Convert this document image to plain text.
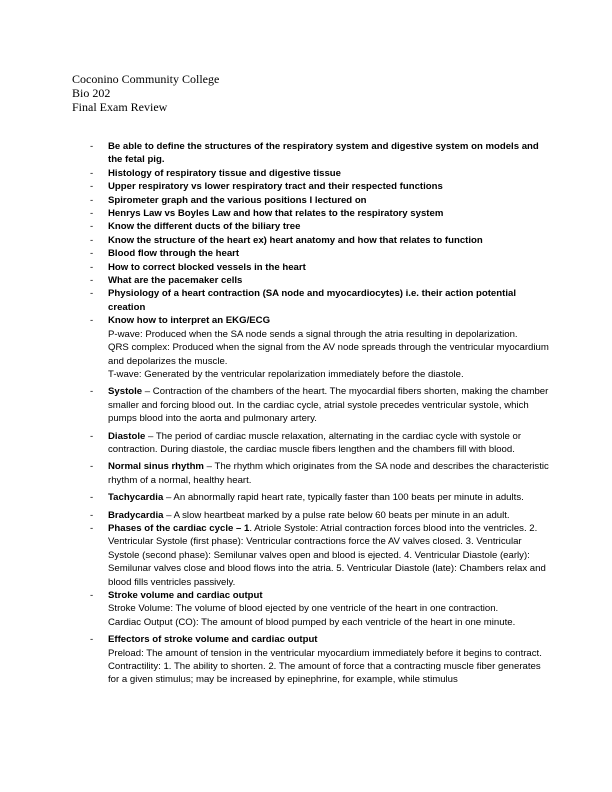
Coconino Community College
Bio 202
Final Exam Review
- Be able to define the structures of the respiratory system and digestive system on models and the fetal pig.
- Histology of respiratory tissue and digestive tissue
- Upper respiratory vs lower respiratory tract and their respected functions
- Spirometer graph and the various positions I lectured on
- Henrys Law vs Boyles Law and how that relates to the respiratory system
- Know the different ducts of the biliary tree
- Know the structure of the heart ex) heart anatomy and how that relates to function
- Blood flow through the heart
- How to correct blocked vessels in the heart
- What are the pacemaker cells
- Physiology of a heart contraction (SA node and myocardiocytes) i.e. their action potential creation
- Know how to interpret an EKG/ECG
P-wave: Produced when the SA node sends a signal through the atria resulting in depolarization.
QRS complex: Produced when the signal from the AV node spreads through the ventricular myocardium and depolarizes the muscle.
T-wave: Generated by the ventricular repolarization immediately before the diastole.
- Systole – Contraction of the chambers of the heart. The myocardial fibers shorten, making the chamber smaller and forcing blood out. In the cardiac cycle, atrial systole precedes ventricular systole, which pumps blood into the aorta and pulmonary artery.
- Diastole – The period of cardiac muscle relaxation, alternating in the cardiac cycle with systole or contraction. During diastole, the cardiac muscle fibers lengthen and the chambers fill with blood.
- Normal sinus rhythm – The rhythm which originates from the SA node and describes the characteristic rhythm of a normal, healthy heart.
- Tachycardia – An abnormally rapid heart rate, typically faster than 100 beats per minute in adults.
- Bradycardia – A slow heartbeat marked by a pulse rate below 60 beats per minute in an adult.
- Phases of the cardiac cycle – 1. Atriole Systole: Atrial contraction forces blood into the ventricles. 2. Ventricular Systole (first phase): Ventricular contractions force the AV valves closed. 3. Ventricular Systole (second phase): Semilunar valves open and blood is ejected. 4. Ventricular Diastole (early): Semilunar valves close and blood flows into the atria. 5. Ventricular Diastole (late): Chambers relax and blood fills ventricles passively.
- Stroke volume and cardiac output
Stroke Volume: The volume of blood ejected by one ventricle of the heart in one contraction.
Cardiac Output (CO): The amount of blood pumped by each ventricle of the heart in one minute.
- Effectors of stroke volume and cardiac output
Preload: The amount of tension in the ventricular myocardium immediately before it begins to contract.
Contractility: 1. The ability to shorten. 2. The amount of force that a contracting muscle fiber generates for a given stimulus; may be increased by epinephrine, for example, while stimulus
